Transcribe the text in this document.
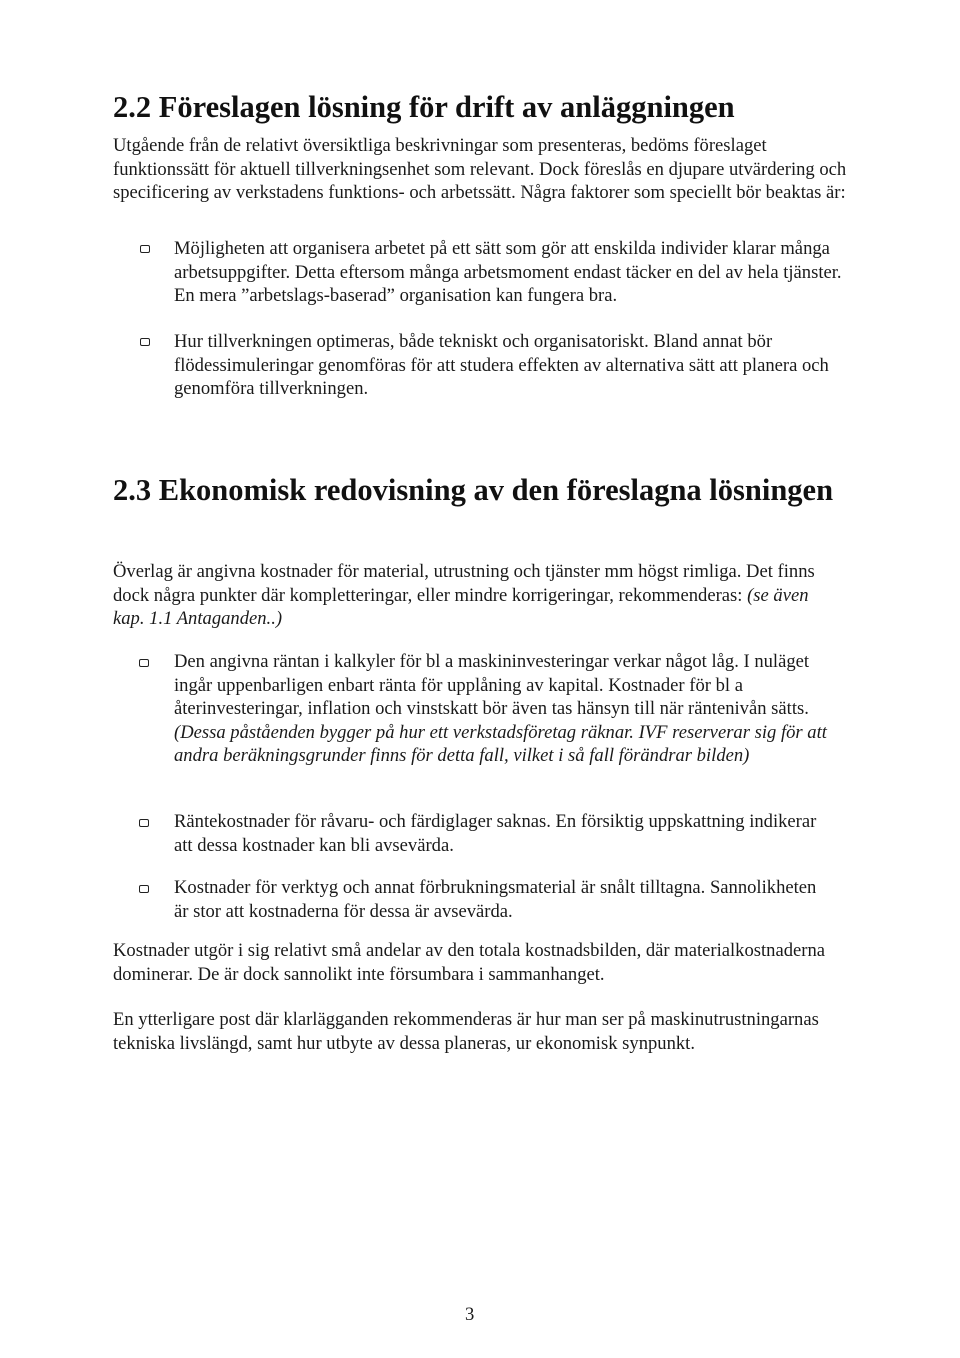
2.2 Föreslagen lösning för drift av anläggningen

Utgående från de relativt översiktliga beskrivningar som presenteras, bedöms föreslaget funktionssätt för aktuell tillverkningsenhet som relevant. Dock föreslås en djupare utvärdering och specificering av verkstadens funktions- och arbetssätt. Några faktorer som speciellt bör beaktas är:

Möjligheten att organisera arbetet på ett sätt som gör att enskilda individer klarar många arbetsuppgifter. Detta eftersom många arbetsmoment endast täcker en del av hela tjänster. En mera ”arbetslags-baserad” organisation kan fungera bra.
Hur tillverkningen optimeras, både tekniskt och organisatoriskt. Bland annat bör flödessimuleringar genomföras för att studera effekten av alternativa sätt att planera och genomföra tillverkningen.
2.3 Ekonomisk redovisning av den föreslagna lösningen

Överlag är angivna kostnader för material, utrustning och tjänster mm högst rimliga. Det finns dock några punkter där kompletteringar, eller mindre korrigeringar, rekommenderas: (se även kap. 1.1 Antaganden..)

Den angivna räntan i kalkyler för bl a maskininvesteringar verkar något låg. I nuläget ingår uppenbarligen enbart ränta för upplåning av kapital. Kostnader för bl a återinvesteringar, inflation och vinstskatt bör även tas hänsyn till när räntenivån sätts. (Dessa påståenden bygger på hur ett verkstadsföretag räknar. IVF reserverar sig för att andra beräkningsgrunder finns för detta fall, vilket i så fall förändrar bilden)
Räntekostnader för råvaru- och färdiglager saknas. En försiktig uppskattning indikerar att dessa kostnader kan bli avsevärda.
Kostnader för verktyg och annat förbrukningsmaterial är snålt tilltagna. Sannolikheten är stor att kostnaderna för dessa är avsevärda.

Kostnader utgör i sig relativt små andelar av den totala kostnadsbilden, där materialkostnaderna dominerar. De är dock sannolikt inte försumbara i sammanhanget.

En ytterligare post där klarlägganden rekommenderas är hur man ser på maskinutrustningarnas tekniska livslängd, samt hur utbyte av dessa planeras, ur ekonomisk synpunkt.

3
